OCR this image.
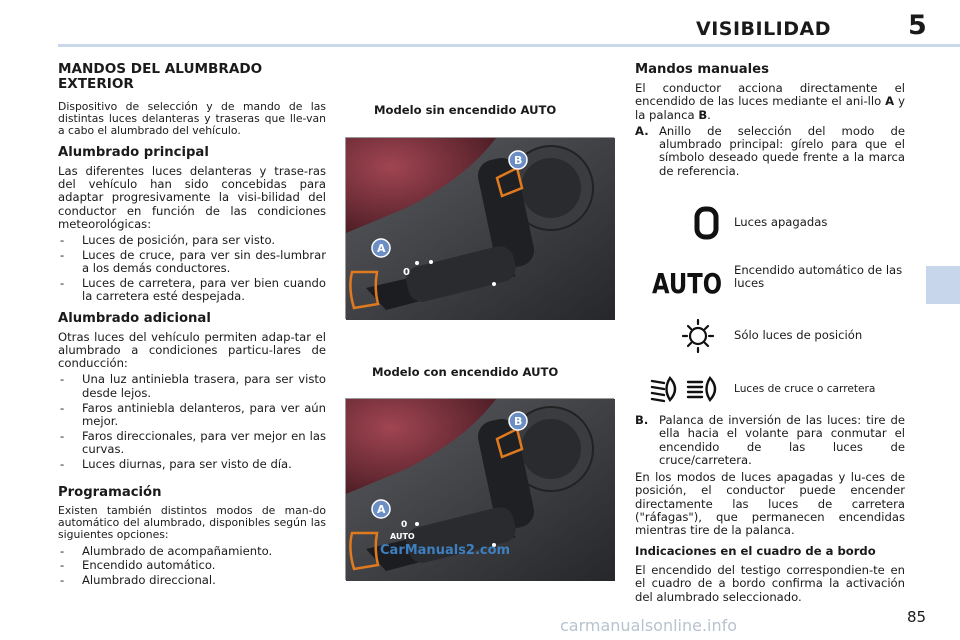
VISIBILIDAD	5
MANDOS DEL ALUMBRADO EXTERIOR
Dispositivo de selección y de mando de las distintas luces delanteras y traseras que lle-van a cabo el alumbrado del vehículo.
Alumbrado principal
Las diferentes luces delanteras y trase-ras del vehículo han sido concebidas para adaptar progresivamente la visi-bilidad del conductor en función de las condiciones meteorológicas:
- Luces de posición, para ser visto.
- Luces de cruce, para ver sin des-lumbrar a los demás conductores.
- Luces de carretera, para ver bien cuando la carretera esté despejada.
Alumbrado adicional
Otras luces del vehículo permiten adap-tar el alumbrado a condiciones particu-lares de conducción:
- Una luz antiniebla trasera, para ser visto desde lejos.
- Faros antiniebla delanteros, para ver aún mejor.
- Faros direccionales, para ver mejor en las curvas.
- Luces diurnas, para ser visto de día.
Programación
Existen también distintos modos de man-do automático del alumbrado, disponibles según las siguientes opciones:
- Alumbrado de acompañamiento.
- Encendido automático.
- Alumbrado direccional.
Modelo sin encendido AUTO
Modelo con encendido AUTO
0
A
B
0
AUTO
A
B
CarManuals2.com
Mandos manuales
El conductor acciona directamente el encendido de las luces mediante el ani-llo A y la palanca B.
A. Anillo de selección del modo de alumbrado principal: gírelo para que el símbolo deseado quede frente a la marca de referencia.
Luces apagadas
AUTO Encendido automático de las luces
Sólo luces de posición
Luces de cruce o carretera
B. Palanca de inversión de las luces: tire de ella hacia el volante para conmutar el encendido de las luces de cruce/carretera.
En los modos de luces apagadas y lu-ces de posición, el conductor puede encender directamente las luces de carretera ("ráfagas"), que permanecen encendidas mientras tire de la palanca.
Indicaciones en el cuadro de a bordo
El encendido del testigo correspondien-te en el cuadro de a bordo confirma la activación del alumbrado seleccionado.
carmanualsonline.info	85
